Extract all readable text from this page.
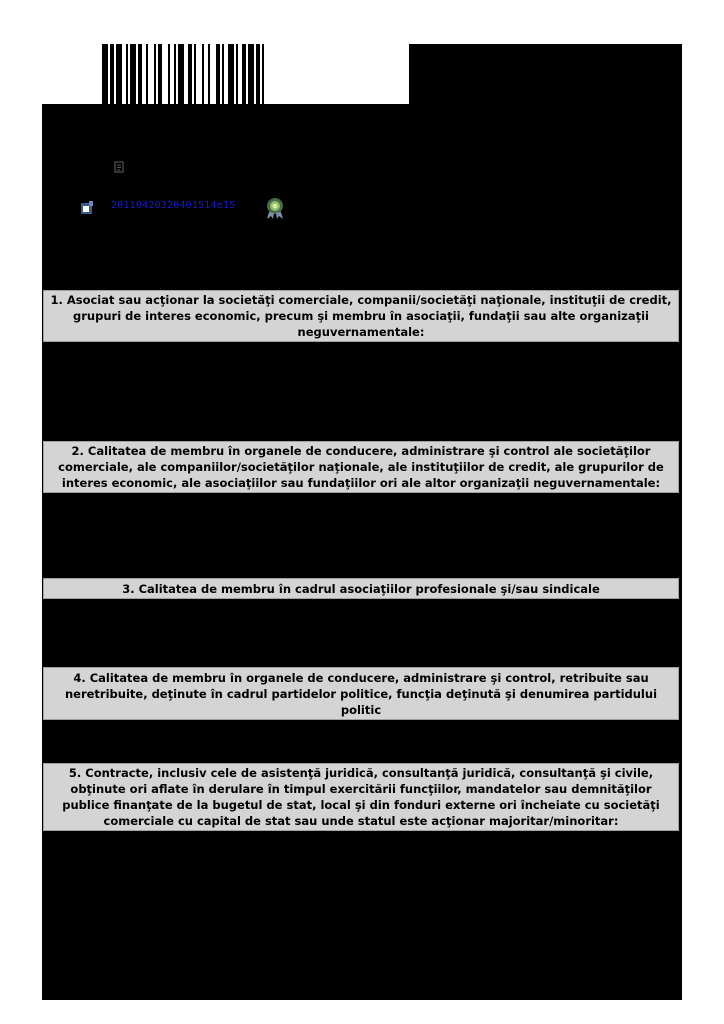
20110420320401514e15
1. Asociat sau acţionar la societăţi comerciale, companii/societăţi naţionale, instituţii de credit, grupuri de interes economic, precum şi membru în asociaţii, fundaţii sau alte organizaţii neguvernamentale:
2. Calitatea de membru în organele de conducere, administrare şi control ale societăţilor comerciale, ale companiilor/societăţilor naţionale, ale instituţiilor de credit, ale grupurilor de interes economic, ale asociaţiilor sau fundaţiilor ori ale altor organizaţii neguvernamentale:
3. Calitatea de membru în cadrul asociaţiilor profesionale şi/sau sindicale
4. Calitatea de membru în organele de conducere, administrare şi control, retribuite sau neretribuite, deţinute în cadrul partidelor politice, funcţia deţinută şi denumirea partidului politic
5. Contracte, inclusiv cele de asistenţă juridică, consultanţă juridică, consultanţă şi civile, obţinute ori aflate în derulare în timpul exercitării funcţiilor, mandatelor sau demnităţilor publice finanţate de la bugetul de stat, local şi din fonduri externe ori încheiate cu societăţi comerciale cu capital de stat sau unde statul este acţionar majoritar/minoritar:
